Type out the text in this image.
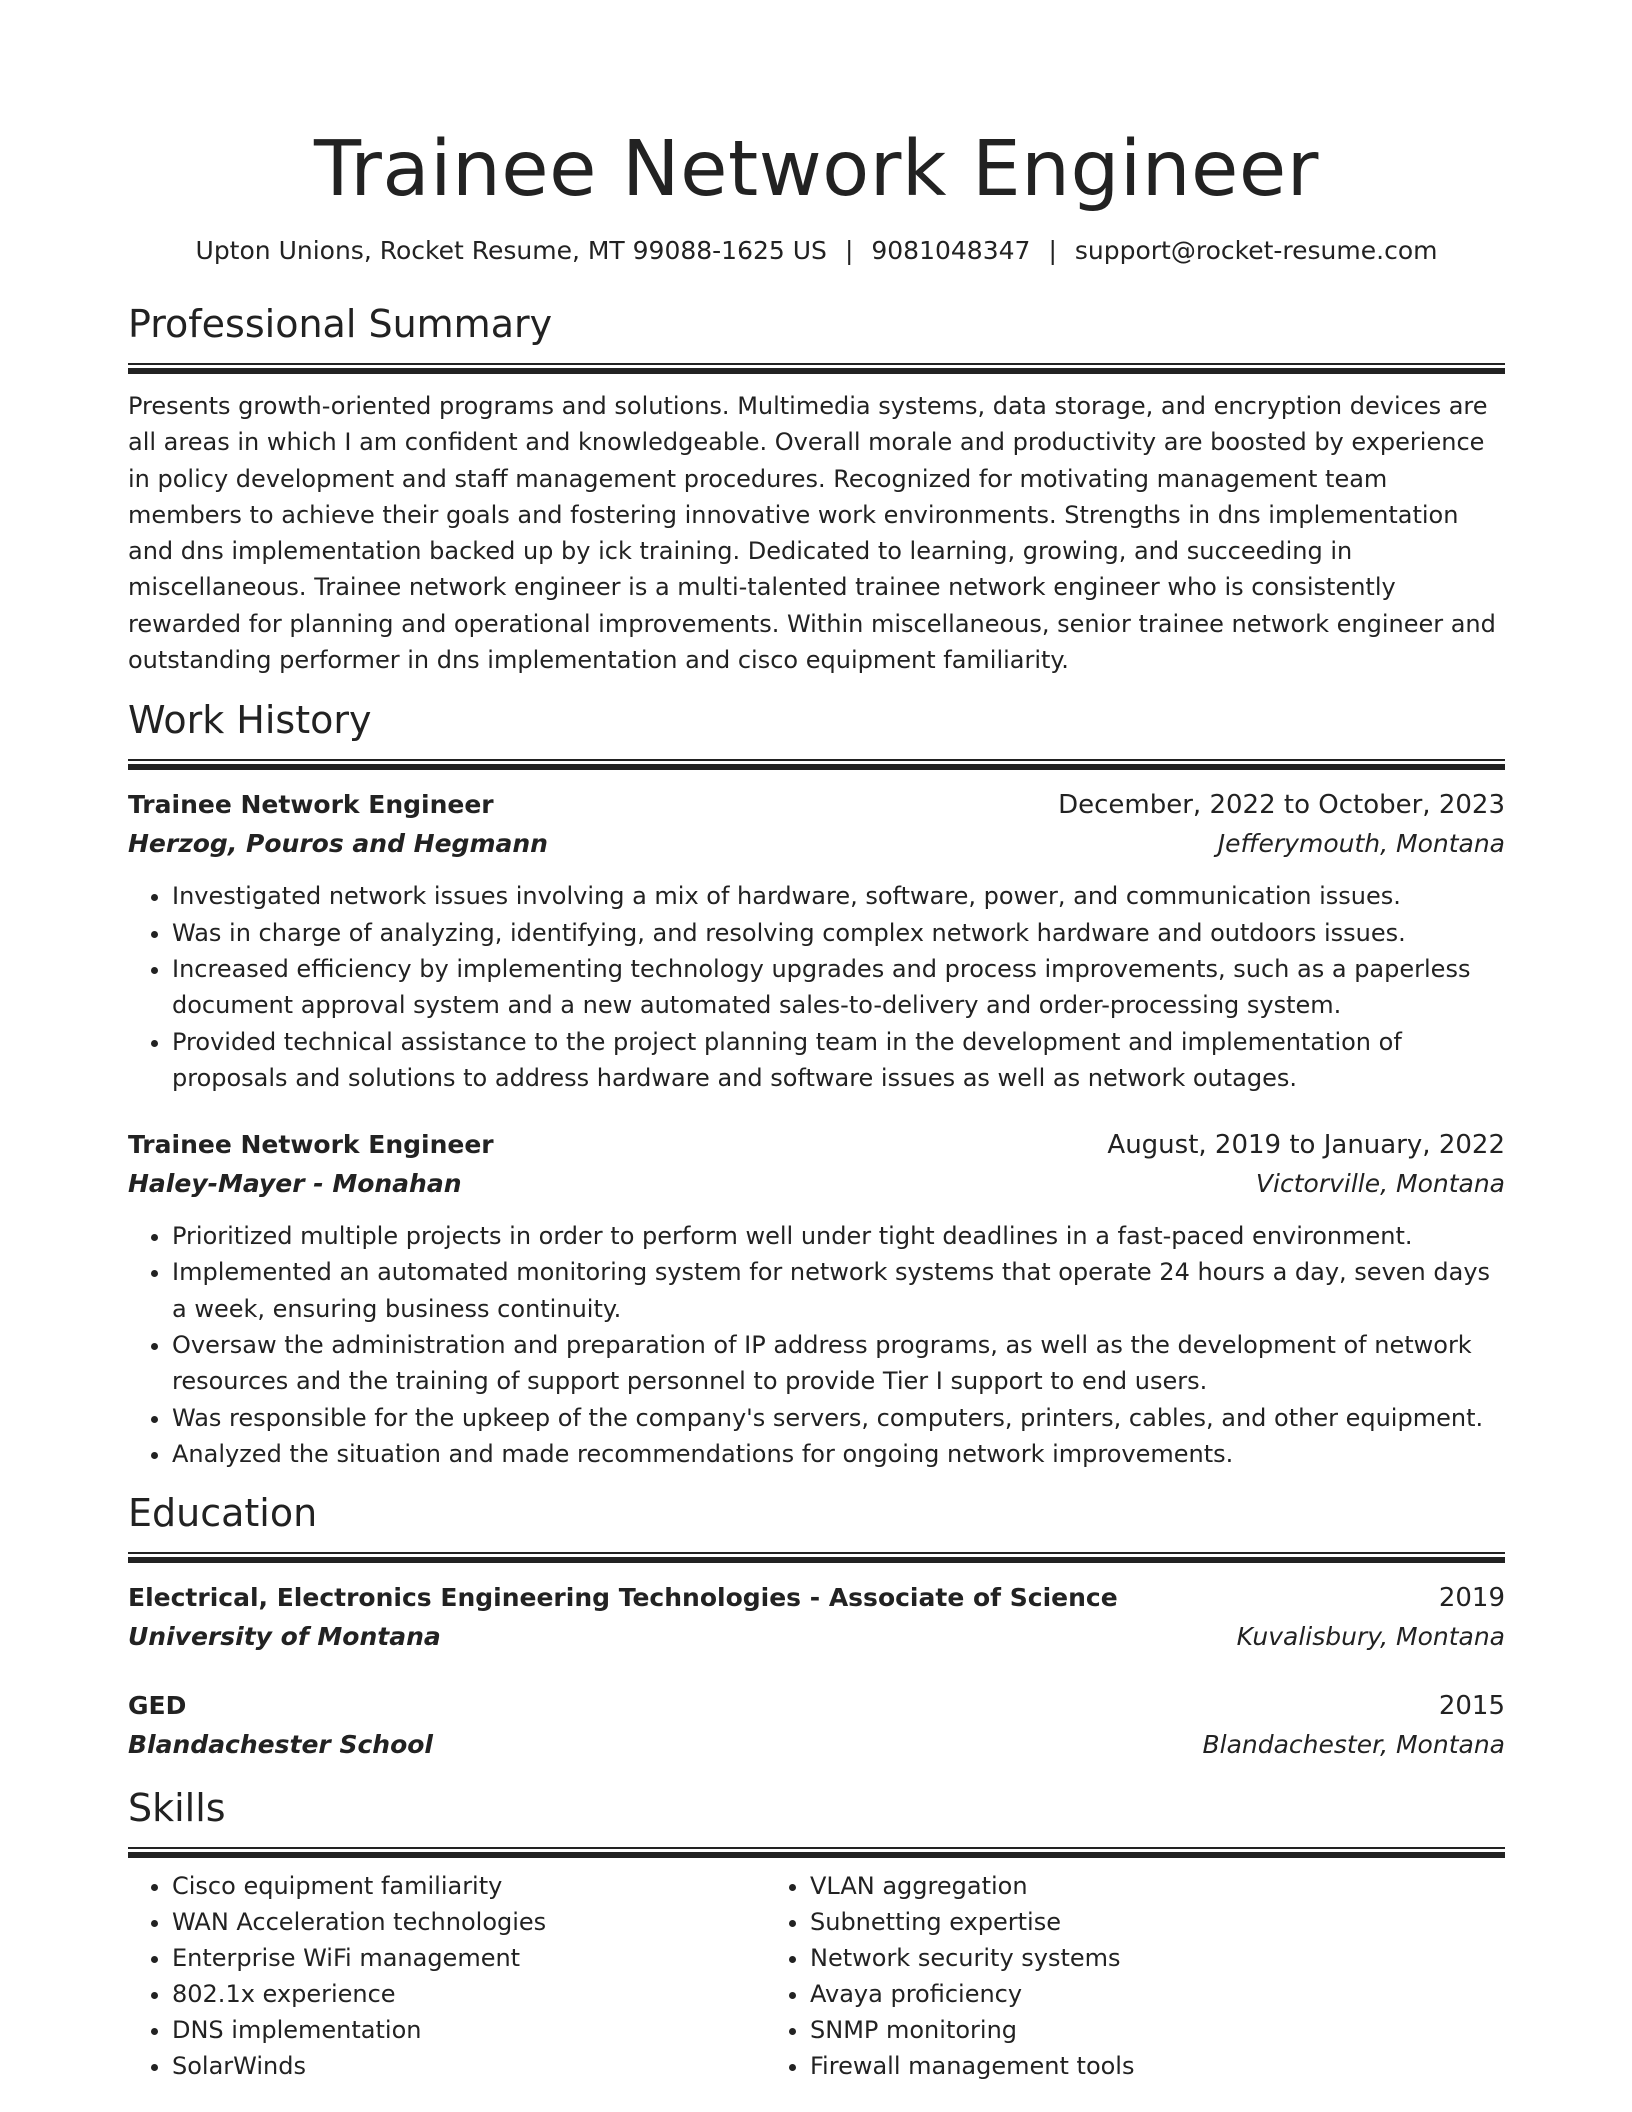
Trainee Network Engineer
Upton Unions, Rocket Resume, MT 99088-1625 US | 9081048347 | support@rocket-resume.com
Professional Summary
Presents growth-oriented programs and solutions. Multimedia systems, data storage, and encryption devices are all areas in which I am confident and knowledgeable. Overall morale and productivity are boosted by experience in policy development and staff management procedures. Recognized for motivating management team members to achieve their goals and fostering innovative work environments. Strengths in dns implementation and dns implementation backed up by ick training. Dedicated to learning, growing, and succeeding in miscellaneous. Trainee network engineer is a multi-talented trainee network engineer who is consistently rewarded for planning and operational improvements. Within miscellaneous, senior trainee network engineer and outstanding performer in dns implementation and cisco equipment familiarity.
Work History
Trainee Network Engineer	December, 2022 to October, 2023
Herzog, Pouros and Hegmann	Jefferymouth, Montana
• Investigated network issues involving a mix of hardware, software, power, and communication issues.
• Was in charge of analyzing, identifying, and resolving complex network hardware and outdoors issues.
• Increased efficiency by implementing technology upgrades and process improvements, such as a paperless document approval system and a new automated sales-to-delivery and order-processing system.
• Provided technical assistance to the project planning team in the development and implementation of proposals and solutions to address hardware and software issues as well as network outages.
Trainee Network Engineer	August, 2019 to January, 2022
Haley-Mayer - Monahan	Victorville, Montana
• Prioritized multiple projects in order to perform well under tight deadlines in a fast-paced environment.
• Implemented an automated monitoring system for network systems that operate 24 hours a day, seven days a week, ensuring business continuity.
• Oversaw the administration and preparation of IP address programs, as well as the development of network resources and the training of support personnel to provide Tier I support to end users.
• Was responsible for the upkeep of the company's servers, computers, printers, cables, and other equipment.
• Analyzed the situation and made recommendations for ongoing network improvements.
Education
Electrical, Electronics Engineering Technologies - Associate of Science	2019
University of Montana	Kuvalisbury, Montana
GED	2015
Blandachester School	Blandachester, Montana
Skills
• Cisco equipment familiarity
• WAN Acceleration technologies
• Enterprise WiFi management
• 802.1x experience
• DNS implementation
• SolarWinds
• VLAN aggregation
• Subnetting expertise
• Network security systems
• Avaya proficiency
• SNMP monitoring
• Firewall management tools
